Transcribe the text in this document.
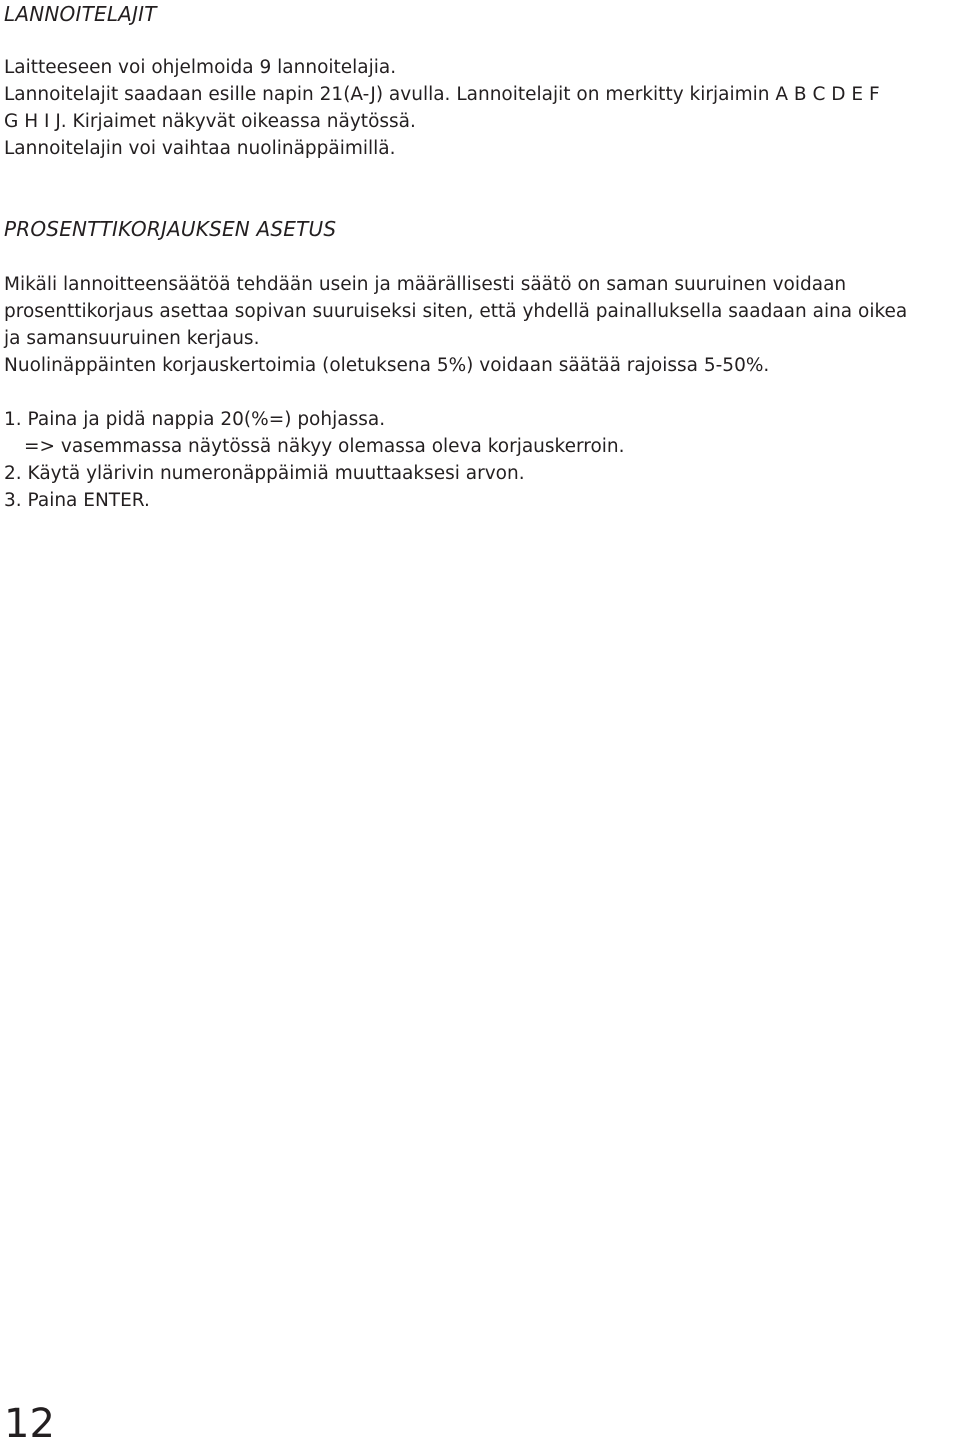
LANNOITELAJIT

Laitteeseen voi ohjelmoida 9 lannoitelajia.

Lannoitelajit saadaan esille napin 21(A-J) avulla. Lannoitelajit on merkitty kirjaimin A B C D E F

G H I J. Kirjaimet näkyvät oikeassa näytössä.

Lannoitelajin voi vaihtaa nuolinäppäimillä.

PROSENTTIKORJAUKSEN ASETUS

Mikäli lannoitteensäätöä tehdään usein ja määrällisesti säätö on saman suuruinen voidaan

prosenttikorjaus asettaa sopivan suuruiseksi siten, että yhdellä painalluksella saadaan aina oikea

ja samansuuruinen kerjaus.

Nuolinäppäinten korjauskertoimia (oletuksena 5%) voidaan säätää rajoissa 5-50%.

1. Paina ja pidä nappia 20(%=) pohjassa.

=> vasemmassa näytössä näkyy olemassa oleva korjauskerroin.

2. Käytä ylärivin numeronäppäimiä muuttaaksesi arvon.

3. Paina ENTER.

12
